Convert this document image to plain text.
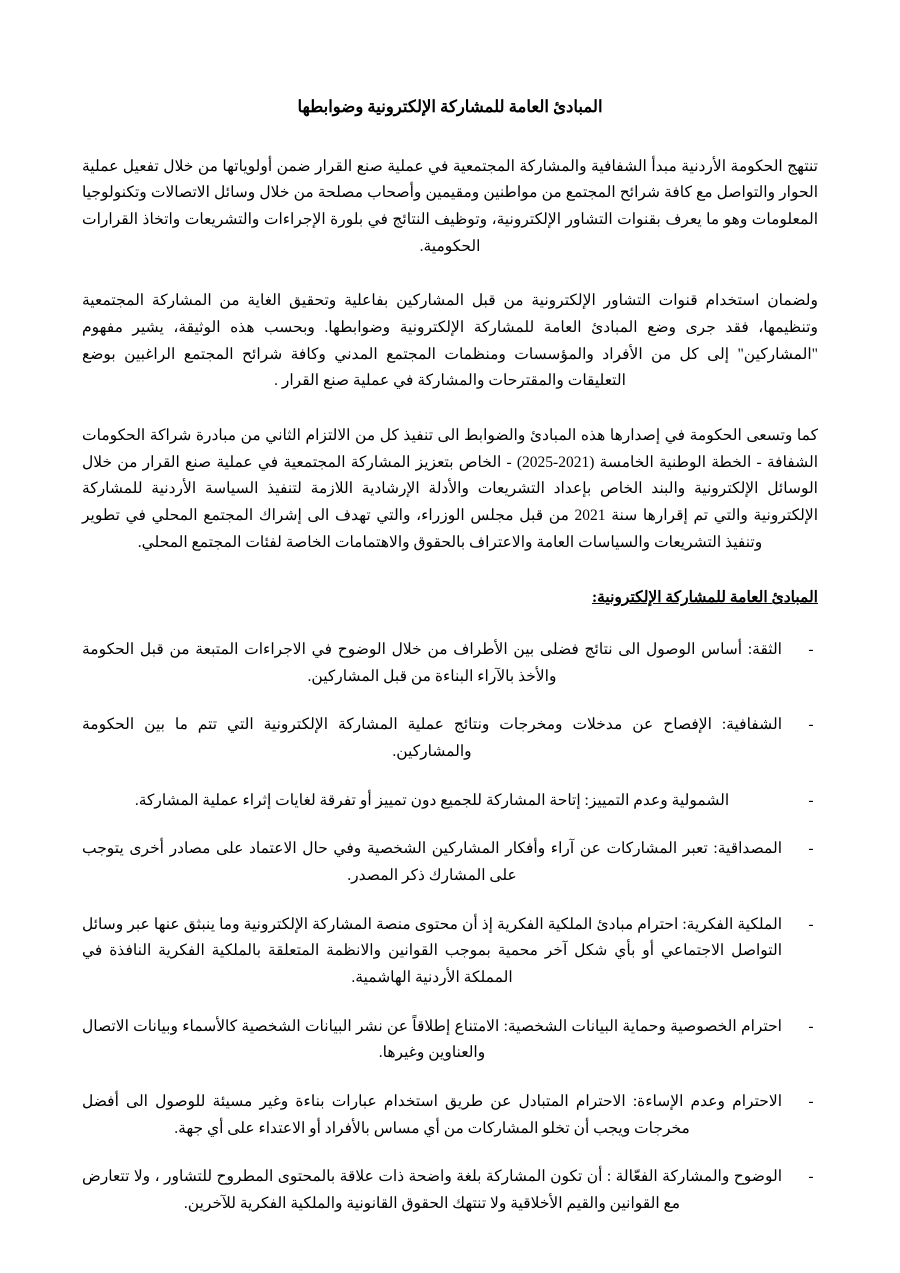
المبادئ العامة للمشاركة الإلكترونية وضوابطها

تنتهج الحكومة الأردنية مبدأ الشفافية والمشاركة المجتمعية في عملية صنع القرار ضمن أولوياتها من خلال تفعيل عملية الحوار والتواصل مع كافة شرائح المجتمع من مواطنين ومقيمين وأصحاب مصلحة من خلال وسائل الاتصالات وتكنولوجيا المعلومات وهو ما يعرف بقنوات التشاور الإلكترونية، وتوظيف النتائج في بلورة الإجراءات والتشريعات واتخاذ القرارات الحكومية.

ولضمان استخدام قنوات التشاور الإلكترونية من قبل المشاركين بفاعلية وتحقيق الغاية من المشاركة المجتمعية وتنظيمها، فقد جرى وضع المبادئ العامة للمشاركة الإلكترونية وضوابطها. وبحسب هذه الوثيقة، يشير مفهوم "المشاركين" إلى كل من الأفراد والمؤسسات ومنظمات المجتمع المدني وكافة شرائح المجتمع الراغبين بوضع التعليقات والمقترحات والمشاركة في عملية صنع القرار .

كما وتسعى الحكومة في إصدارها هذه المبادئ والضوابط الى تنفيذ كل من الالتزام الثاني من مبادرة شراكة الحكومات الشفافة - الخطة الوطنية الخامسة (2021-2025) - الخاص بتعزيز المشاركة المجتمعية في عملية صنع القرار من خلال الوسائل الإلكترونية والبند الخاص بإعداد التشريعات والأدلة الإرشادية اللازمة لتنفيذ السياسة الأردنية للمشاركة الإلكترونية والتي تم إقرارها سنة 2021 من قبل مجلس الوزراء، والتي تهدف الى إشراك المجتمع المحلي في تطوير وتنفيذ التشريعات والسياسات العامة والاعتراف بالحقوق والاهتمامات الخاصة لفئات المجتمع المحلي.

المبادئ العامة للمشاركة الإلكترونية:
-
الثقة: أساس الوصول الى نتائج فضلى بين الأطراف من خلال الوضوح في الاجراءات المتبعة من قبل الحكومة والأخذ بالآراء البناءة من قبل المشاركين.
-
الشفافية: الإفصاح عن مدخلات ومخرجات ونتائج عملية المشاركة الإلكترونية التي تتم ما بين الحكومة والمشاركين.
-
الشمولية وعدم التمييز: إتاحة المشاركة للجميع دون تمييز أو تفرقة لغايات إثراء عملية المشاركة.
-
المصداقية: تعبر المشاركات عن آراء وأفكار المشاركين الشخصية وفي حال الاعتماد على مصادر أخرى يتوجب على المشارك ذكر المصدر.
-
الملكية الفكرية: احترام مبادئ الملكية الفكرية إذ أن محتوى منصة المشاركة الإلكترونية وما ينبثق عنها عبر وسائل التواصل الاجتماعي أو بأي شكل آخر محمية بموجب القوانين والانظمة المتعلقة بالملكية الفكرية النافذة في المملكة الأردنية الهاشمية.
-
احترام الخصوصية وحماية البيانات الشخصية: الامتناع إطلاقاً عن نشر البيانات الشخصية كالأسماء وبيانات الاتصال والعناوين وغيرها.
-
الاحترام وعدم الإساءة: الاحترام المتبادل عن طريق استخدام عبارات بناءة وغير مسيئة للوصول الى أفضل مخرجات ويجب أن تخلو المشاركات من أي مساس بالأفراد أو الاعتداء على أي جهة.
-
الوضوح والمشاركة الفعّالة : أن تكون المشاركة بلغة واضحة ذات علاقة بالمحتوى المطروح للتشاور ، ولا تتعارض مع القوانين والقيم الأخلاقية ولا تنتهك الحقوق القانونية والملكية الفكرية للآخرين.
